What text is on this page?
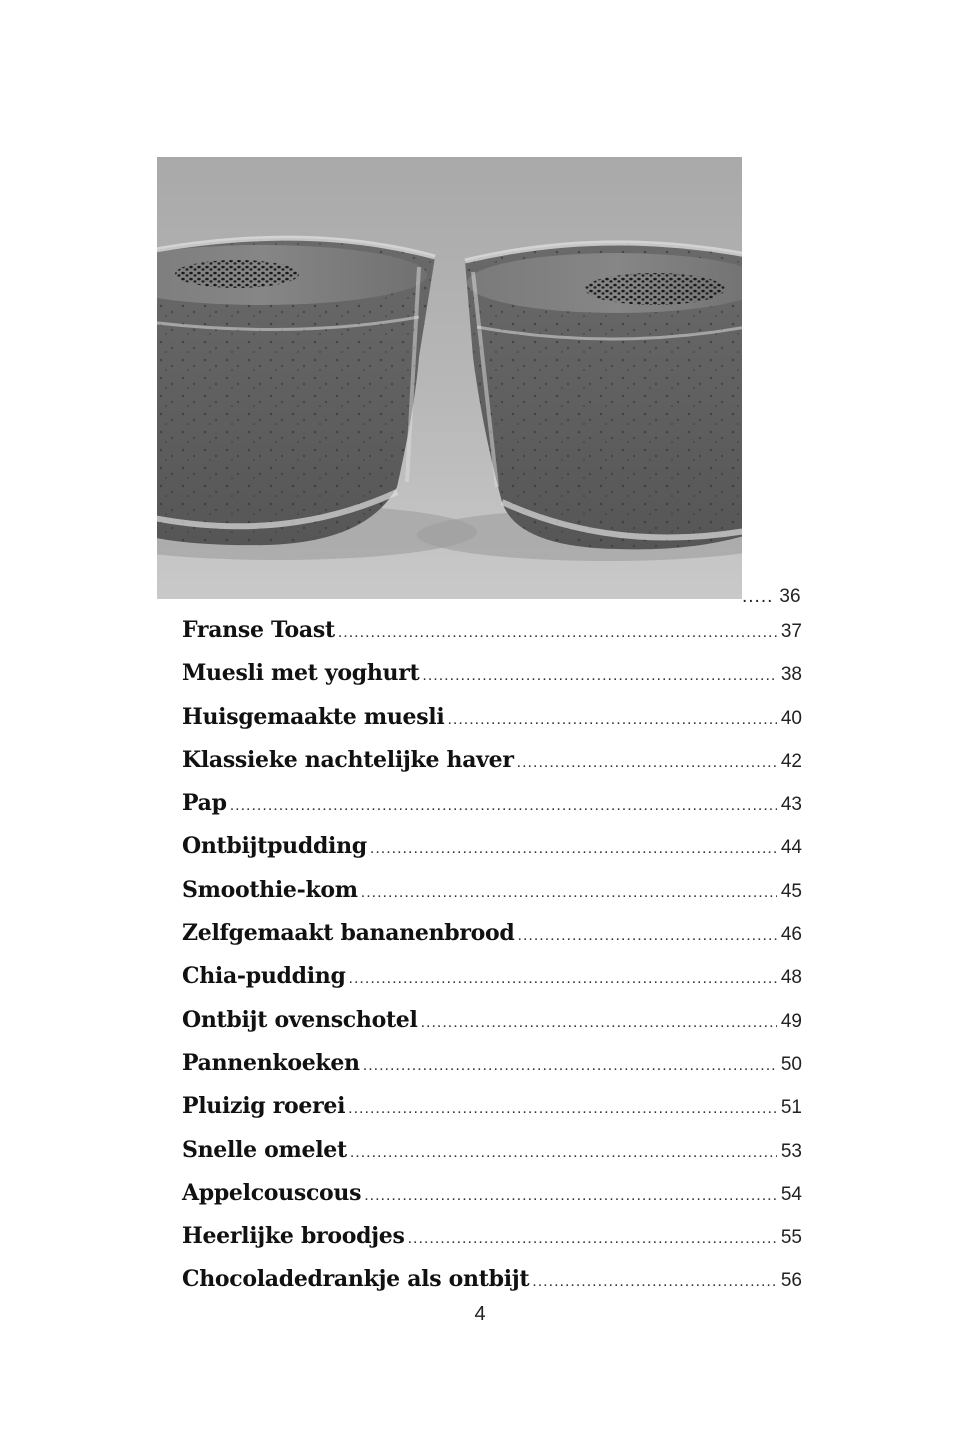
..... 36
Franse Toast .....	37
Muesli met yoghurt .....	38
Huisgemaakte muesli .....	40
Klassieke nachtelijke haver .....	42
Pap .....	43
Ontbijtpudding .....	44
Smoothie-kom .....	45
Zelfgemaakt bananenbrood .....	46
Chia-pudding .....	48
Ontbijt ovenschotel .....	49
Pannenkoeken .....	50
Pluizig roerei .....	51
Snelle omelet .....	53
Appelcouscous .....	54
Heerlijke broodjes .....	55
Chocoladedrankje als ontbijt .....	56
4
